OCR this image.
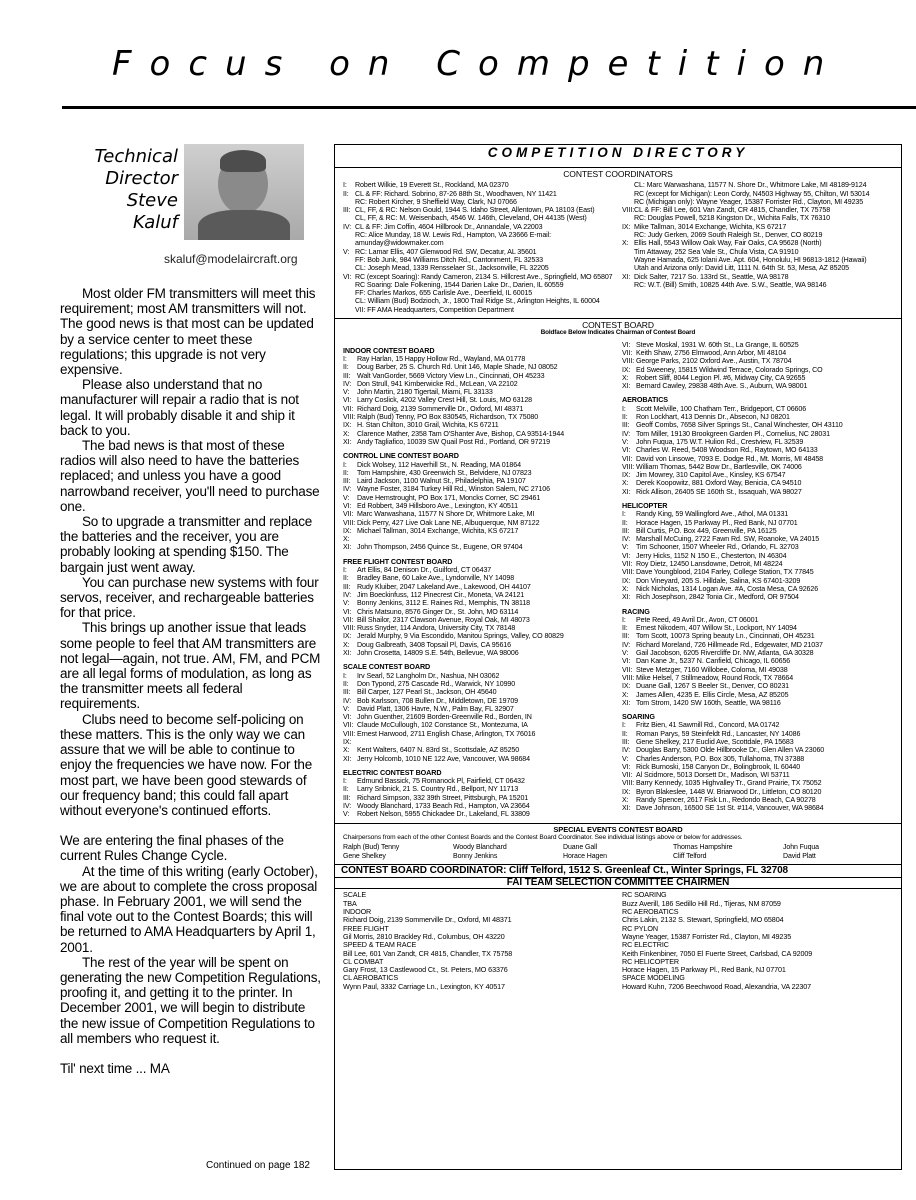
Focus on Competition
Technical
Director
Steve
Kaluf
skaluf@modelaircraft.org

Most older FM transmitters will meet this requirement; most AM transmitters will not. The good news is that most can be updated by a service center to meet these regulations; this upgrade is not very expensive.

Please also understand that no manufacturer will repair a radio that is not legal. It will probably disable it and ship it back to you.

The bad news is that most of these radios will also need to have the batteries replaced; and unless you have a good narrowband receiver, you'll need to purchase one.

So to upgrade a transmitter and replace the batteries and the receiver, you are probably looking at spending $150. The bargain just went away.

You can purchase new systems with four servos, receiver, and rechargeable batteries for that price.

This brings up another issue that leads some people to feel that AM transmitters are not legal—again, not true. AM, FM, and PCM are all legal forms of modulation, as long as the transmitter meets all federal requirements.

Clubs need to become self-policing on these matters. This is the only way we can assure that we will be able to continue to enjoy the frequencies we have now. For the most part, we have been good stewards of our frequency band; this could fall apart without everyone's continued efforts.

We are entering the final phases of the current Rules Change Cycle.

At the time of this writing (early October), we are about to complete the cross proposal phase. In February 2001, we will send the final vote out to the Contest Boards; this will be returned to AMA Headquarters by April 1, 2001.

The rest of the year will be spent on generating the new Competition Regulations, proofing it, and getting it to the printer. In December 2001, we will begin to distribute the new issue of Competition Regulations to all members who request it.

Til' next time ... MA

Continued on page 182
COMPETITION DIRECTORY
CONTEST COORDINATORS
I:	Robert Wilkie, 19 Everett St., Rockland, MA 02370
II: CL & FF: Richard. Sobrino, 87-26 88th St., Woodhaven, NY 11421
RC: Robert Kircher, 9 Sheffield Way, Clark, NJ 07066
III: CL, FF, & RC: Nelson Gould, 1944 S. Idaho Street, Allentown, PA 18103 (East)
CL, FF, & RC: M. Weisenbach, 4546 W. 146th, Cleveland, OH 44135 (West)
IV: CL & FF: Jim Coffin, 4604 Hillbrook Dr., Annandale, VA 22003
RC: Alice Munday, 18 W. Lewis Rd., Hampton, VA 23666 E-mail: amunday@widowmaker.com
V: RC: Lamar Ellis, 407 Glenwood Rd. SW, Decatur, AL 35601
FF: Bob Junk, 984 Williams Ditch Rd., Cantonment, FL 32533
CL: Joseph Mead, 1339 Rensselaer St., Jacksonville, FL 32205
VI: RC (except Soaring): Randy Cameron, 2134 S. Hillcrest Ave., Springfield, MO 65807
RC Soaring: Dale Folkening, 1544 Darien Lake Dr., Darien, IL 60559
FF: Charles Markos, 655 Carlisle Ave., Deerfield, IL 60015
CL: William (Bud) Bodzioch, Jr., 1800 Trail Ridge St., Arlington Heights, IL 60004
VII: FF AMA Headquarters, Competition Department
CL: Marc Warwashana, 11577 N. Shore Dr., Whitmore Lake, MI 48189-9124
RC (except for Michigan): Leon Cordy, N4503 Highway 55, Chilton, WI 53014
RC (Michigan only): Wayne Yeager, 15387 Forrister Rd., Clayton, MI 49235
VIII: CL & FF: Bill Lee, 601 Van Zandt, CR 4815, Chandler, TX 75758
RC: Douglas Powell, 5218 Kingston Dr., Wichita Falls, TX 76310
IX: Mike Tallman, 3014 Exchange, Wichita, KS 67217
RC: Judy Gerken, 2069 South Raleigh St., Denver, CO 80219
X: Ellis Hall, 5543 Willow Oak Way, Fair Oaks, CA 95628 (North)
Tim Attaway, 252 Sea Vale St., Chula Vista, CA 91910
Wayne Hamada, 625 Iolani Ave. Apt. 604, Honolulu, HI 96813-1812 (Hawaii)
Utah and Arizona only: David Litt, 1111 N. 64th St. 53, Mesa, AZ 85205
XI: Dick Salter, 7217 So. 133rd St., Seattle, WA 98178
RC: W.T. (Bill) Smith, 10825 44th Ave. S.W., Seattle, WA 98146
CONTEST BOARD
Boldface Below Indicates Chairman of Contest Board
INDOOR CONTEST BOARD
I:	Ray Harlan, 15 Happy Hollow Rd., Wayland, MA 01778
II:	Doug Barber, 25 S. Church Rd. Unit 146, Maple Shade, NJ 08052
III: Walt VanGorder, 5669 Victory View Ln., Cincinnati, OH 45233
IV: Don Strull, 941 Kimberwicke Rd., McLean, VA 22102
V:	John Martin, 2180 Tigertail, Miami, FL 33133
VI: Larry Coslick, 4202 Valley Crest Hill, St. Louis, MO 63128
VII: Richard Doig, 2139 Sommerville Dr., Oxford, MI 48371
VIII: Ralph (Bud) Tenny, PO Box 830545, Richardson, TX 75080
IX: H. Stan Chilton, 3010 Grail, Wichita, KS 67211
X:	Clarence Mather, 2358 Tam O'Shanter Ave, Bishop, CA 93514-1944
XI: Andy Tagliafico, 10039 SW Quail Post Rd., Portland, OR 97219
CONTROL LINE CONTEST BOARD
I:	Dick Wolsey, 112 Haverhill St., N. Reading, MA 01864
II:	Tom Hampshire, 430 Greenwich St., Belvidere, NJ 07823
III: Laird Jackson, 1100 Walnut St., Philadelphia, PA 19107
IV: Wayne Foster, 3184 Turkey Hill Rd., Winston Salem, NC 27106
V:	Dave Hemstrought, PO Box 171, Moncks Corner, SC 29461
VI: Ed Robbert, 349 Hillsboro Ave., Lexington, KY 40511
VII: Marc Warwashana, 11577 N Shore Dr, Whitmore Lake, MI
VIII: Dick Perry, 427 Live Oak Lane NE, Albuquerque, NM 87122
IX: Michael Tallman, 3014 Exchange, Wichita, KS 67217
X:
XI: John Thompson, 2456 Quince St., Eugene, OR 97404
FREE FLIGHT CONTEST BOARD
I:	Art Ellis, 84 Denison Dr., Guilford, CT 06437
II:	Bradley Bane, 60 Lake Ave., Lyndonville, NY 14098
III: Rudy Kluiber, 2047 Lakeland Ave., Lakewood, OH 44107
IV: Jim Boeckinfuss, 112 Pinecrest Cir., Moneta, VA 24121
V:	Bonny Jenkins, 3112 E. Raines Rd., Memphis, TN 38118
VI: Chris Matsuno, 8576 Ginger Dr., St. John, MO 63114
VII: Bill Shailor, 2317 Clawson Avenue, Royal Oak, MI 48073
VIII: Russ Snyder, 114 Andora, University City, TX 78148
IX: Jerald Murphy, 9 Via Escondido, Manitou Springs, Valley, CO 80829
X:	Doug Galbreath, 3408 Topsail Pl, Davis, CA 95616
XI: John Crosetta, 14809 S.E. 54th, Bellevue, WA 98006
SCALE CONTEST BOARD
I:	Irv Searl, 52 Langholm Dr., Nashua, NH 03062
II:	Don Typond, 275 Cascade Rd., Warwick, NY 10990
III: Bill Carper, 127 Pearl St., Jackson, OH 45640
IV: Bob Karlsson, 708 Bullen Dr., Middletown, DE 19709
V:	David Platt, 1306 Havre, N.W., Palm Bay, FL 32907
VI: John Guenther, 21609 Borden-Greenville Rd., Borden, IN
VII: Claude McCullough, 102 Constance St., Montezuma, IA
VIII: Ernest Harwood, 2711 English Chase, Arlington, TX 76016
IX:
X:	Kent Walters, 6407 N. 83rd St., Scottsdale, AZ 85250
XI: Jerry Holcomb, 1010 NE 122 Ave, Vancouver, WA 98684
ELECTRIC CONTEST BOARD
I:	Edmund Bassick, 75 Romanock Pl, Fairfield, CT 06432
II:	Larry Sribnick, 21 S. Country Rd., Bellport, NY 11713
III: Richard Simpson, 332 39th Street, Pittsburgh, PA 15201
IV: Woody Blanchard, 1733 Beach Rd., Hampton, VA 23664
V:	Robert Nelson, 5955 Chickadee Dr., Lakeland, FL 33809
VI: Steve Moskal, 1931 W. 60th St., La Grange, IL 60525
VII: Keith Shaw, 2756 Elmwood, Ann Arbor, MI 48104
VIII: George Parks, 2102 Oxford Ave., Austin, TX 78704
IX: Ed Sweeney, 15815 Wildwind Terrace, Colorado Springs, CO
X:	Robert Sliff, 8044 Legion Pl. #6, Midway City, CA 92655
XI: Bernard Cawley, 29838 48th Ave. S., Auburn, WA 98001
AEROBATICS
I:	Scott Melville, 100 Chatham Terr., Bridgeport, CT 06606
II:	Ron Lockhart, 413 Dennis Dr., Absecon, NJ 08201
III: Geoff Combs, 7658 Silver Springs St., Canal Winchester, OH 43110
IV: Tom Miller, 19130 Brookgreen Garden Pl., Cornelius, NC 28031
V:	John Fuqua, 175 W.T. Hulion Rd., Crestview, FL 32539
VI: Charles W. Reed, 5408 Woodson Rd., Raytown, MO 64133
VII: David von Linsowe, 7093 E. Dodge Rd., Mt. Morris, MI 48458
VIII: William Thomas, 5442 Bow Dr., Bartlesville, OK 74006
IX: Jim Mowrey, 310 Capitol Ave., Kinsley, KS 67547
X:	Derek Koopowitz, 881 Oxford Way, Benicia, CA 94510
XI: Rick Allison, 26405 SE 160th St., Issaquah, WA 98027
HELICOPTER
I:	Randy King, 59 Wallingford Ave., Athol, MA 01331
II:	Horace Hagen, 15 Parkway Pl., Red Bank, NJ 07701
III: Bill Curtis, P.O. Box 449, Greenville, PA 16125
IV: Marshall McCuing, 2722 Fawn Rd. SW, Roanoke, VA 24015
V:	Tim Schooner, 1507 Wheeler Rd., Orlando, FL 32703
VI: Jerry Hicks, 1152 N 150 E., Chesterton, IN 46304
VII: Roy Dietz, 12450 Lansdowne, Detroit, MI 48224
VIII: Dave Youngblood, 2104 Farley, College Station, TX 77845
IX: Don Vineyard, 205 S. Hilldale, Salina, KS 67401-3209
X:	Nick Nicholas, 1314 Logan Ave. #A, Costa Mesa, CA 92626
XI: Rich Josephson, 2842 Tonia Cir., Medford, OR 97504
RACING
I:	Pete Reed, 49 Avril Dr., Avon, CT 06001
II:	Ernest Nikodem, 407 Willow St., Lockport, NY 14094
III: Tom Scott, 10073 Spring beauty Ln., Cincinnati, OH 45231
IV: Richard Moreland, 726 Hillmeade Rd., Edgewater, MD 21037
V:	Gail Jacobson, 6205 Rivercliffe Dr. NW, Atlanta, GA 30328
VI: Dan Kane Jr., 5237 N. Canfield, Chicago, IL 60656
VII: Steve Metzger, 7160 Willobee, Coloma, MI 49038
VIII: Mike Helsel, 7 Stillmeadow, Round Rock, TX 78664
IX: Duane Gall, 1267 S Beeler St., Denver, CO 80231
X:	James Allen, 4235 E. Ellis Circle, Mesa, AZ 85205
XI: Tom Strom, 1420 SW 160th, Seattle, WA 98116
SOARING
I:	Fritz Bien, 41 Sawmill Rd., Concord, MA 01742
II:	Roman Parys, 59 Steinfeldt Rd., Lancaster, NY 14086
III: Gene Shelkey, 217 Euclid Ave, Scottdale, PA 15683
IV: Douglas Barry, 5300 Olde Hillbrooke Dr., Glen Allen VA 23060
V:	Charles Anderson, P.O. Box 305, Tullahoma, TN 37388
VI: Rick Burnoski, 158 Canyon Dr., Bolingbrook, IL 60440
VII: Al Scidmore, 5013 Dorsett Dr., Madison, WI 53711
VIII: Barry Kennedy, 1035 Highvalley Tr., Grand Prairie, TX 75052
IX: Byron Blakeslee, 1448 W. Briarwood Dr., Littleton, CO 80120
X:	Randy Spencer, 2617 Fisk Ln., Redondo Beach, CA 90278
XI: Dave Johnson, 16500 SE 1st St. #114, Vancouver, WA 98684
SPECIAL EVENTS CONTEST BOARD
Chairpersons from each of the other Contest Boards and the Contest Board Coordinator. See individual listings above or below for addresses.
Ralph (Bud) Tenny	Woody Blanchard	Duane Gall	Thomas Hampshire	John Fuqua
Gene Shelkey	Bonny Jenkins	Horace Hagen	Cliff Telford	David Platt
CONTEST BOARD COORDINATOR: Cliff Telford, 1512 S. Greenleaf Ct., Winter Springs, FL 32708
FAI TEAM SELECTION COMMITTEE CHAIRMEN
SCALE
TBA
INDOOR
Richard Doig, 2139 Sommerville Dr., Oxford, MI 48371
FREE FLIGHT
Gil Morris, 2810 Brackley Rd., Columbus, OH 43220
SPEED & TEAM RACE
Bill Lee, 601 Van Zandt, CR 4815, Chandler, TX 75758
CL COMBAT
Gary Frost, 13 Castlewood Ct., St. Peters, MO 63376
CL AEROBATICS
Wynn Paul, 3332 Carriage Ln., Lexington, KY 40517
RC SOARING
Buzz Averill, 186 Sedillo Hill Rd., Tijeras, NM 87059
RC AEROBATICS
Chris Lakin, 2132 S. Stewart, Springfield, MO 65804
RC PYLON
Wayne Yeager, 15387 Forrister Rd., Clayton, MI 49235
RC ELECTRIC
Keith Finkenbiner, 7050 El Fuerte Street, Carlsbad, CA 92009
RC HELICOPTER
Horace Hagen, 15 Parkway Pl., Red Bank, NJ 07701
SPACE MODELING
Howard Kuhn, 7206 Beechwood Road, Alexandria, VA 22307
